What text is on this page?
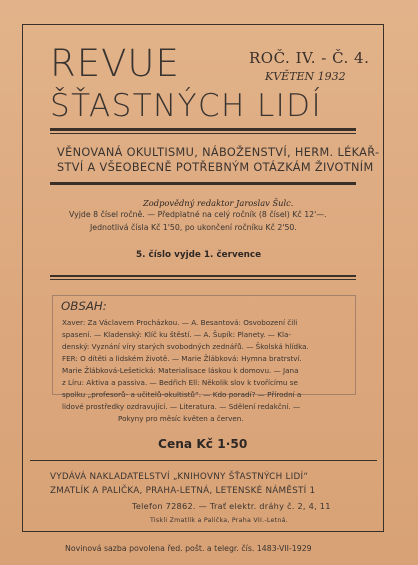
REVUE
ŠŤASTNÝCH LIDÍ
ROČ. IV. - Č. 4.
KVĚTEN 1932
VĚNOVANÁ OKULTISMU, NÁBOŽENSTVÍ, HERM. LÉKAŘ-
STVÍ A VŠEOBECNĚ POTŘEBNÝM OTÁZKÁM ŽIVOTNÍM
Zodpovědný redaktor Jaroslav Šulc.
Vyjde 8 čísel ročně. — Předplatné na celý ročník (8 čísel) Kč 12'—.
Jednotlivá čísla Kč 1'50, po ukončení ročníku Kč 2'50.
5. číslo vyjde 1. července
OBSAH:
Xaver: Za Václavem Procházkou. — A. Besantová: Osvobození čili
spasení. — Kladenský: Klíč ku štěstí. — A. Šupík: Planety. — Kla-
denský: Vyznání víry starých svobodných zednářů. — Školská hlídka.
FER: O dítěti a lidském životě. — Marie Žlábková: Hymna bratrství.
Marie Žlábková-Lešetická: Materialisace láskou k domovu. — Jana
z Líru: Aktiva a passiva. — Bedřich Ell: Několik slov k tvořícímu se
spolku „profesorů- a učitelů-okultistů“. — Kdo poradí? — Přírodní a
lidové prostředky ozdravující. — Literatura. — Sdělení redakční. —
Pokyny pro měsíc květen a červen.
Cena Kč 1·50
VYDÁVÁ NAKLADATELSTVÍ „KNIHOVNY ŠŤASTNÝCH LIDÍ“
ZMATLÍK A PALIČKA, PRAHA-LETNÁ, LETENSKÉ NÁMĚSTÍ 1
Telefon 72862. — Trať elektr. dráhy č. 2, 4, 11
Tiskli Zmatlík a Palička, Praha VII.-Letná.
Novinová sazba povolena řed. pošt. a telegr. čís. 1483-VII-1929
